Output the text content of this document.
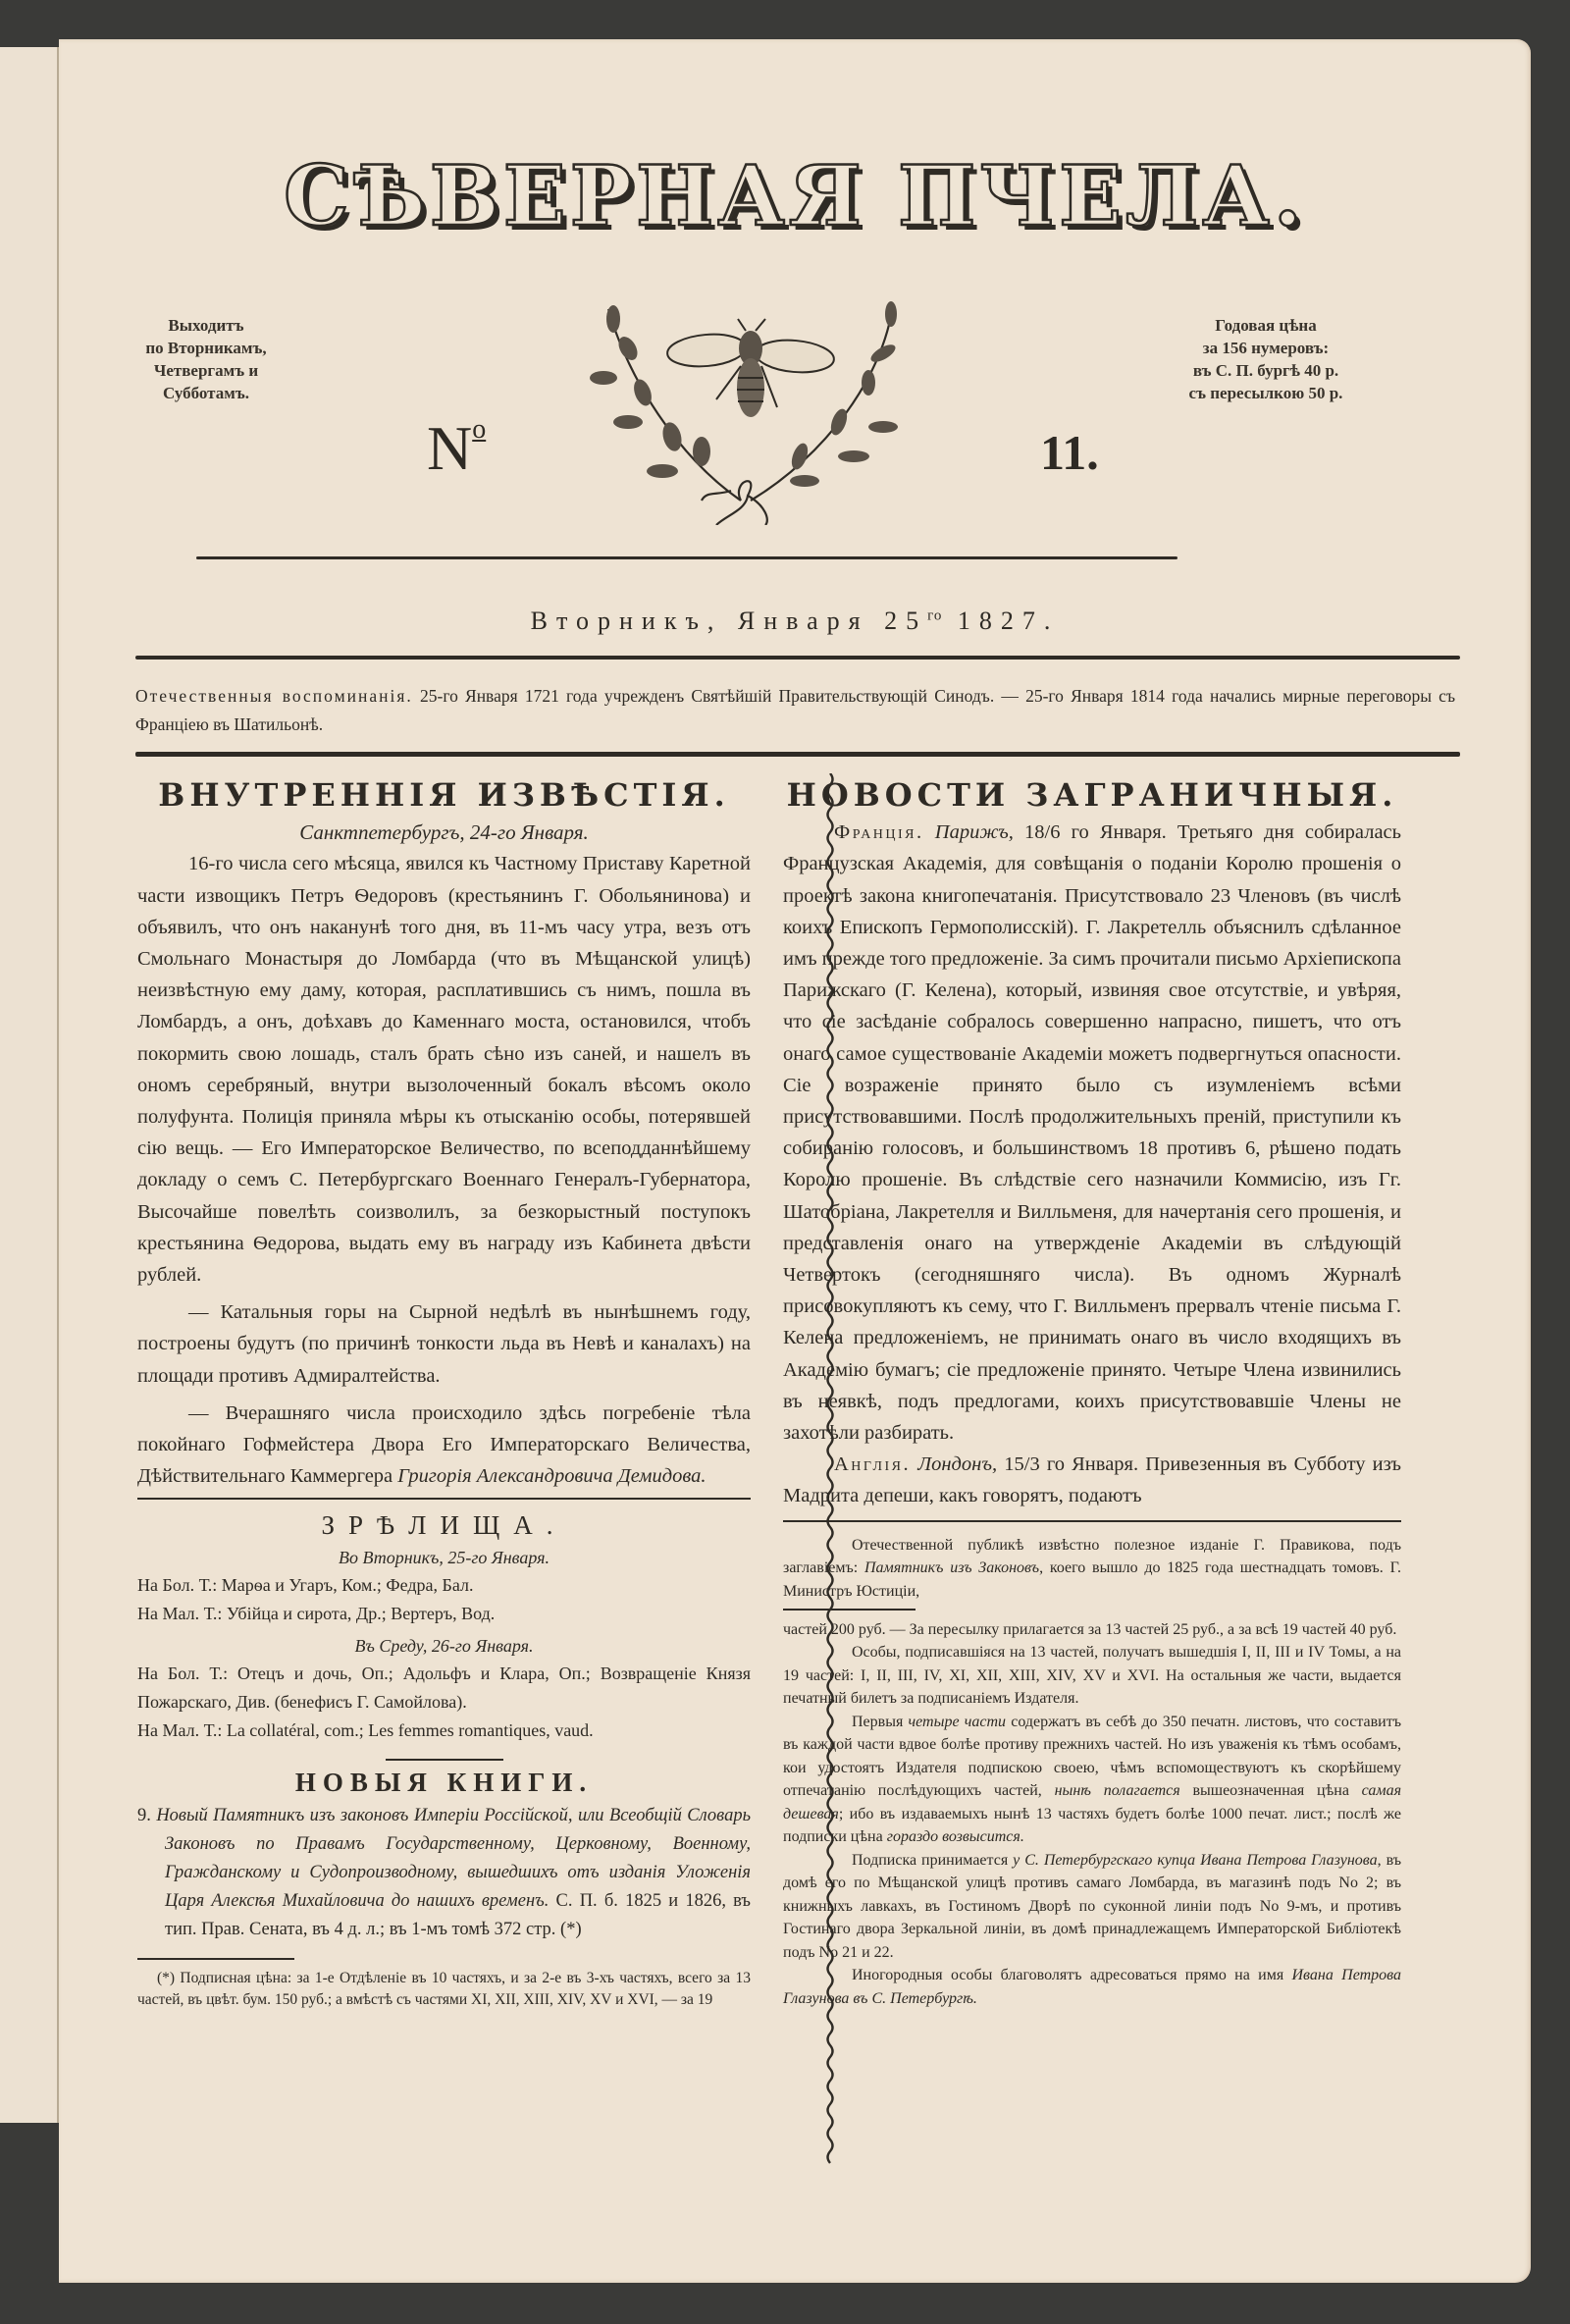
СѢВЕРНАЯ ПЧЕЛА.
Выходитъ
по Вторникамъ,
Четвергамъ и
Субботамъ.
Годовая цѣна
за 156 нумеровъ:
въ С. П. бургѣ 40 р.
съ пересылкою 50 р.
$N^o$	11.
Вторникъ, Января $25^{го}$ 1827.
Отечественныя воспоминанія. 25-го Января 1721 года учрежденъ Святѣйшій Правительствующій Синодъ. — 25-го Января 1814 года начались мирные переговоры съ Франціею въ Шатильонѣ.
ВНУТРЕННІЯ ИЗВѢСТІЯ.
Санктпетербургъ, 24-го Января.

16-го числа сего мѣсяца, явился къ Частному Приставу Каретной части извощикъ Петръ Ѳедоровъ (крестьянинъ Г. Обольянинова) и объявилъ, что онъ наканунѣ того дня, въ 11-мъ часу утра, везъ отъ Смольнаго Монастыря до Ломбарда (что въ Мѣщанской улицѣ) неизвѣстную ему даму, которая, расплатившись съ нимъ, пошла въ Ломбардъ, а онъ, доѣхавъ до Каменнаго моста, остановился, чтобъ покормить свою лошадь, сталъ брать сѣно изъ саней, и нашелъ въ ономъ серебряный, внутри вызолоченный бокалъ вѣсомъ около полуфунта. Полиція приняла мѣры къ отысканію особы, потерявшей сію вещь. — Его Императорское Величество, по всеподданнѣйшему докладу о семъ С. Петербургскаго Военнаго Генералъ-Губернатора, Высочайше повелѣть соизволилъ, за безкорыстный поступокъ крестьянина Ѳедорова, выдать ему въ награду изъ Кабинета двѣсти рублей.

— Катальныя горы на Сырной недѣлѣ въ нынѣшнемъ году, построены будутъ (по причинѣ тонкости льда въ Невѣ и каналахъ) на площади противъ Адмиралтейства.

— Вчерашняго числа происходило здѣсь погребеніе тѣла покойнаго Гофмейстера Двора Его Императорскаго Величества, Дѣйствительнаго Каммергера Григорія Александровича Демидова.

ЗРѢЛИЩА.
Во Вторникъ, 25-го Января.
На Бол. Т.: Марѳа и Угаръ, Ком.; Федра, Бал.
На Мал. Т.: Убійца и сирота, Др.; Вертеръ, Вод.
Въ Среду, 26-го Января.
На Бол. Т.: Отецъ и дочь, Оп.; Адольфъ и Клара, Оп.; Возвращеніе Князя Пожарскаго, Див. (бенефисъ Г. Самойлова).
На Мал. Т.: La collatéral, com.; Les femmes romantiques, vaud.
НОВЫЯ КНИГИ.
9. Новый Памятникъ изъ законовъ Имперіи Россійской, или Всеобщій Словарь Законовъ по Правамъ Государственному, Церковному, Военному, Гражданскому и Судопроизводному, вышедшихъ отъ изданія Уложенія Царя Алексѣя Михайловича до нашихъ временъ. С. П. б. 1825 и 1826, въ тип. Прав. Сената, въ 4 д. л.; въ 1-мъ томѣ 372 стр. (*)
(*) Подписная цѣна: за 1-е Отдѣленіе въ 10 частяхъ, и за 2-е въ 3-хъ частяхъ, всего за 13 частей, въ цвѣт. бум. 150 руб.; а вмѣстѣ съ частями XI, XII, XIII, XIV, XV и XVI, — за 19
НОВОСТИ ЗАГРАНИЧНЫЯ.

Франція. Парижъ, 18/6 го Января. Третьяго дня собиралась Французская Академія, для совѣщанія о поданіи Королю прошенія о проектѣ закона книгопечатанія. Присутствовало 23 Членовъ (въ числѣ коихъ Епископъ Гермополисскій). Г. Лакретелль объяснилъ сдѣланное имъ прежде того предложеніе. За симъ прочитали письмо Архіепископа Парижскаго (Г. Келена), который, извиняя свое отсутствіе, и увѣряя, что сіе засѣданіе собралось совершенно напрасно, пишетъ, что отъ онаго самое существованіе Академіи можетъ подвергнуться опасности. Сіе возраженіе принято было съ изумленіемъ всѣми присутствовавшими. Послѣ продолжительныхъ преній, приступили къ собиранію голосовъ, и большинствомъ 18 противъ 6, рѣшено подать Королю прошеніе. Въ слѣдствіе сего назначили Коммисію, изъ Гг. Шатобріана, Лакретелля и Вилльменя, для начертанія сего прошенія, и представленія онаго на утвержденіе Академіи въ слѣдующій Четвертокъ (сегодняшняго числа). Въ одномъ Журналѣ присовокупляютъ къ сему, что Г. Вилльменъ прервалъ чтеніе письма Г. Келена предложеніемъ, не принимать онаго въ число входящихъ въ Академію бумагъ; сіе предложеніе принято. Четыре Члена извинились въ неявкѣ, подъ предлогами, коихъ присутствовавшіе Члены не захотѣли разбирать.

Англія. Лондонъ, 15/3 го Января. Привезенныя въ Субботу изъ Мадрита депеши, какъ говорятъ, подаютъ

Отечественной публикѣ извѣстно полезное изданіе Г. Правикова, подъ заглавіемъ: Памятникъ изъ Законовъ, коего вышло до 1825 года шестнадцать томовъ. Г. Министръ Юстиціи,

частей 200 руб. — За пересылку прилагается за 13 частей 25 руб., а за всѣ 19 частей 40 руб.

Особы, подписавшіяся на 13 частей, получатъ вышедшія I, II, III и IV Томы, а на 19 частей: I, II, III, IV, XI, XII, XIII, XIV, XV и XVI. На остальныя же части, выдается печатный билетъ за подписаніемъ Издателя.

Первыя четыре части содержатъ въ себѣ до 350 печатн. листовъ, что составитъ въ каждой части вдвое болѣе противу прежнихъ частей. Но изъ уваженія къ тѣмъ особамъ, кои удостоятъ Издателя подпискою своею, чѣмъ вспомоществуютъ къ скорѣйшему отпечатанію послѣдующихъ частей, нынѣ полагается вышеозначенная цѣна самая дешевая; ибо въ издаваемыхъ нынѣ 13 частяхъ будетъ болѣе 1000 печат. лист.; послѣ же подписки цѣна гораздо возвысится.

Подписка принимается у С. Петербургскаго купца Ивана Петрова Глазунова, въ домѣ его по Мѣщанской улицѣ противъ самаго Ломбарда, въ магазинѣ подъ No 2; въ книжныхъ лавкахъ, въ Гостиномъ Дворѣ по суконной линіи подъ No 9-мъ, и противъ Гостинаго двора Зеркальной линіи, въ домѣ принадлежащемъ Императорской Библіотекѣ подъ No 21 и 22.

Иногородныя особы благоволятъ адресоваться прямо на имя Ивана Петрова Глазунова въ С. Петербургѣ.
